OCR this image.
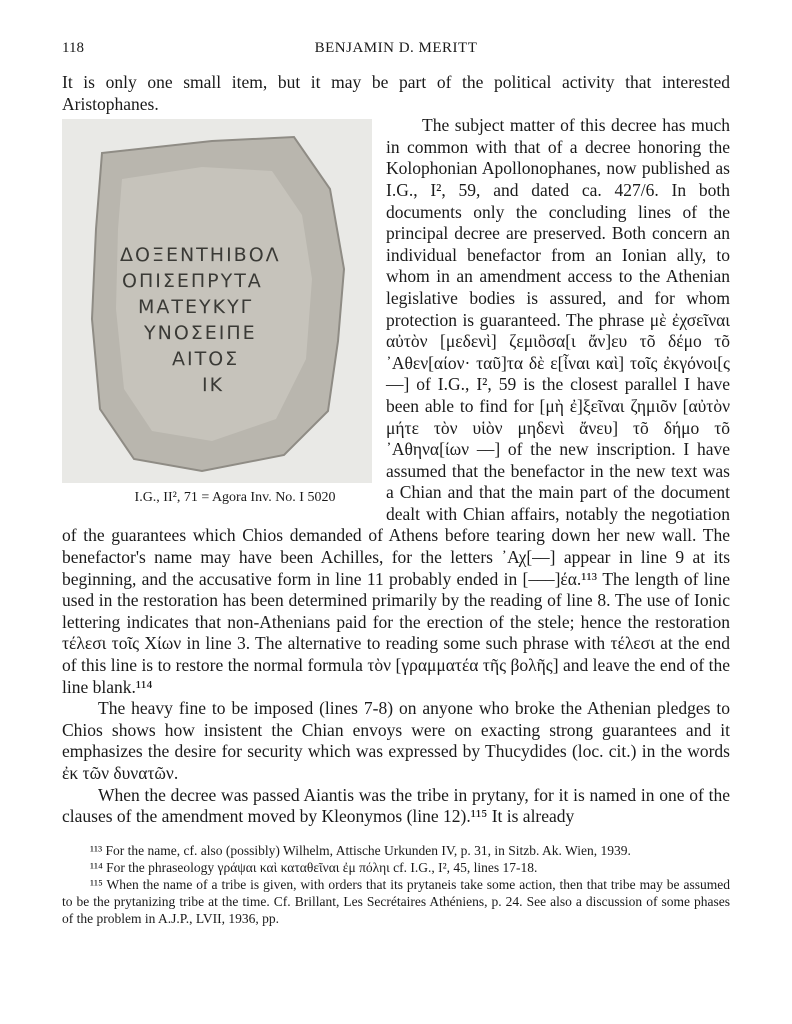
118	BENJAMIN D. MERITT

It is only one small item, but it may be part of the political activity that interested Aristophanes.

ΔΟΞΕΝΤΗΙΒΟΛ
ΟΠΙΣΕΠΡΥΤΑ
ΜΑΤΕΥΚΥΓ
ΥΝΟΣΕΙΠΕ
ΑΙΤΟΣ
ΙΚ
I.G., II², 71 = Agora Inv. No. I 5020
The subject matter of this decree has much in common with that of a decree honoring the Kolophonian Apollonophanes, now published as I.G., I², 59, and dated ca. 427/6. In both documents only the concluding lines of the principal decree are preserved. Both concern an individual benefactor from an Ionian ally, to whom in an amendment access to the Athenian legislative bodies is assured, and for whom protection is guaranteed. The phrase μὲ ἐχσεῖναι αὐτὸν [μεδενὶ] ζεμιὃσα[ι ἄν]ευ τõ δέμο τõ ᾿Αθεν[αίον· ταῦ]τα δὲ ε[ἶναι καὶ] τοῖς ἐκγόνοι[ς ––] of I.G., I², 59 is the closest parallel I have been able to find for [μὴ ἐ]ξεῖναι ζημιõν [αὐτὸν μήτε τὸν υἱὸν μηδενὶ ἄνευ] τõ δήμο τõ ᾿Αθηνα[ίων ––] of the new inscription. I have assumed that the benefactor in the new text was a Chian and that the main part of the document dealt with Chian affairs, notably the negotiation of the guarantees which Chios demanded of Athens before tearing down her new wall. The benefactor's name may have been Achilles, for the letters ᾿Αχ[––] appear in line 9 at its beginning, and the accusative form in line 11 probably ended in [–––]έα.¹¹³ The length of line used in the restoration has been determined primarily by the reading of line 8. The use of Ionic lettering indicates that non-Athenians paid for the erection of the stele; hence the restoration τέλεσι τοῖς Χίων in line 3. The alternative to reading some such phrase with τέλεσι at the end of this line is to restore the normal formula τὸν [γραμματέα τῆς βολῆς] and leave the end of the line blank.¹¹⁴

The heavy fine to be imposed (lines 7-8) on anyone who broke the Athenian pledges to Chios shows how insistent the Chian envoys were on exacting strong guarantees and it emphasizes the desire for security which was expressed by Thucydides (loc. cit.) in the words ἐκ τῶν δυνατῶν.

When the decree was passed Aiantis was the tribe in prytany, for it is named in one of the clauses of the amendment moved by Kleonymos (line 12).¹¹⁵ It is already

¹¹³ For the name, cf. also (possibly) Wilhelm, Attische Urkunden IV, p. 31, in Sitzb. Ak. Wien, 1939.

¹¹⁴ For the phraseology γράψαι καὶ καταθεῖναι ἐμ πόληι cf. I.G., I², 45, lines 17-18.

¹¹⁵ When the name of a tribe is given, with orders that its prytaneis take some action, then that tribe may be assumed to be the prytanizing tribe at the time. Cf. Brillant, Les Secrétaires Athéniens, p. 24. See also a discussion of some phases of the problem in A.J.P., LVII, 1936, pp.
